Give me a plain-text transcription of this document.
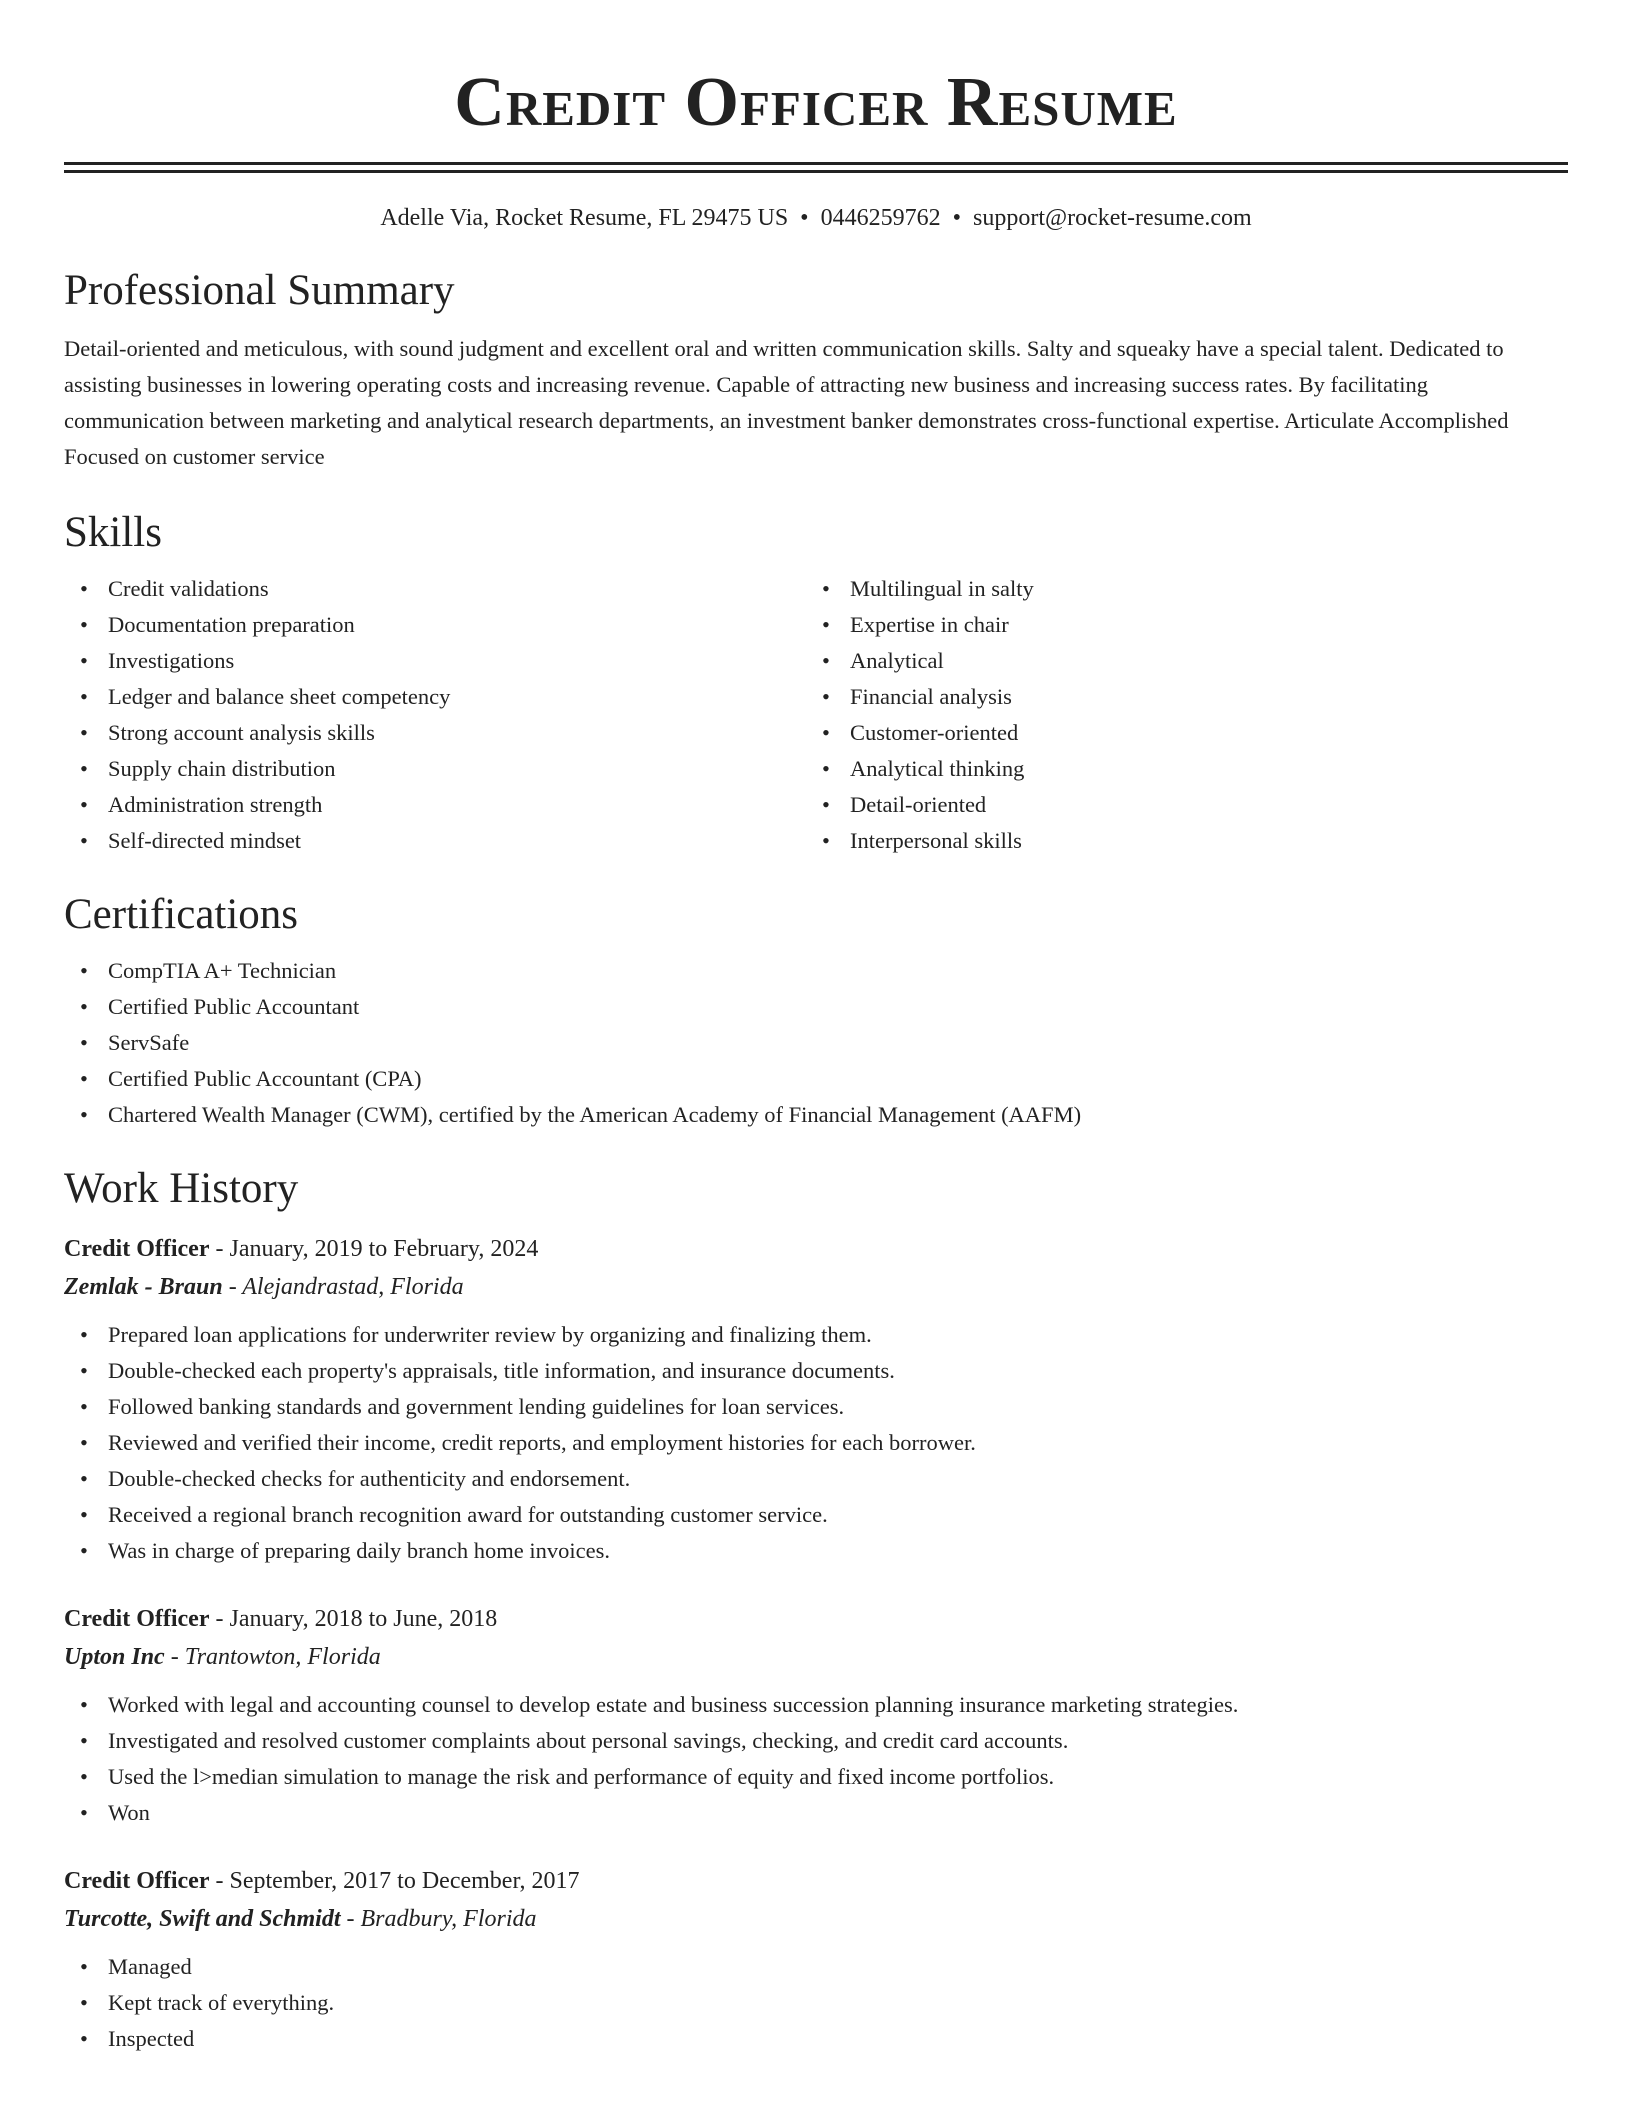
Credit Officer Resume
Adelle Via, Rocket Resume, FL 29475 US • 0446259762 • support@rocket-resume.com
Professional Summary

Detail-oriented and meticulous, with sound judgment and excellent oral and written communication skills. Salty and squeaky have a special talent. Dedicated to assisting businesses in lowering operating costs and increasing revenue. Capable of attracting new business and increasing success rates. By facilitating communication between marketing and analytical research departments, an investment banker demonstrates cross-functional expertise. Articulate Accomplished Focused on customer service

Skills
• Credit validations
• Documentation preparation
• Investigations
• Ledger and balance sheet competency
• Strong account analysis skills
• Supply chain distribution
• Administration strength
• Self-directed mindset
• Multilingual in salty
• Expertise in chair
• Analytical
• Financial analysis
• Customer-oriented
• Analytical thinking
• Detail-oriented
• Interpersonal skills
Certifications
• CompTIA A+ Technician
• Certified Public Accountant
• ServSafe
• Certified Public Accountant (CPA)
• Chartered Wealth Manager (CWM), certified by the American Academy of Financial Management (AAFM)
Work History
Credit Officer - January, 2019 to February, 2024
Zemlak - Braun - Alejandrastad, Florida
• Prepared loan applications for underwriter review by organizing and finalizing them.
• Double-checked each property's appraisals, title information, and insurance documents.
• Followed banking standards and government lending guidelines for loan services.
• Reviewed and verified their income, credit reports, and employment histories for each borrower.
• Double-checked checks for authenticity and endorsement.
• Received a regional branch recognition award for outstanding customer service.
• Was in charge of preparing daily branch home invoices.
Credit Officer - January, 2018 to June, 2018
Upton Inc - Trantowton, Florida
• Worked with legal and accounting counsel to develop estate and business succession planning insurance marketing strategies.
• Investigated and resolved customer complaints about personal savings, checking, and credit card accounts.
• Used the l>median simulation to manage the risk and performance of equity and fixed income portfolios.
• Won
Credit Officer - September, 2017 to December, 2017
Turcotte, Swift and Schmidt - Bradbury, Florida
• Managed
• Kept track of everything.
• Inspected
